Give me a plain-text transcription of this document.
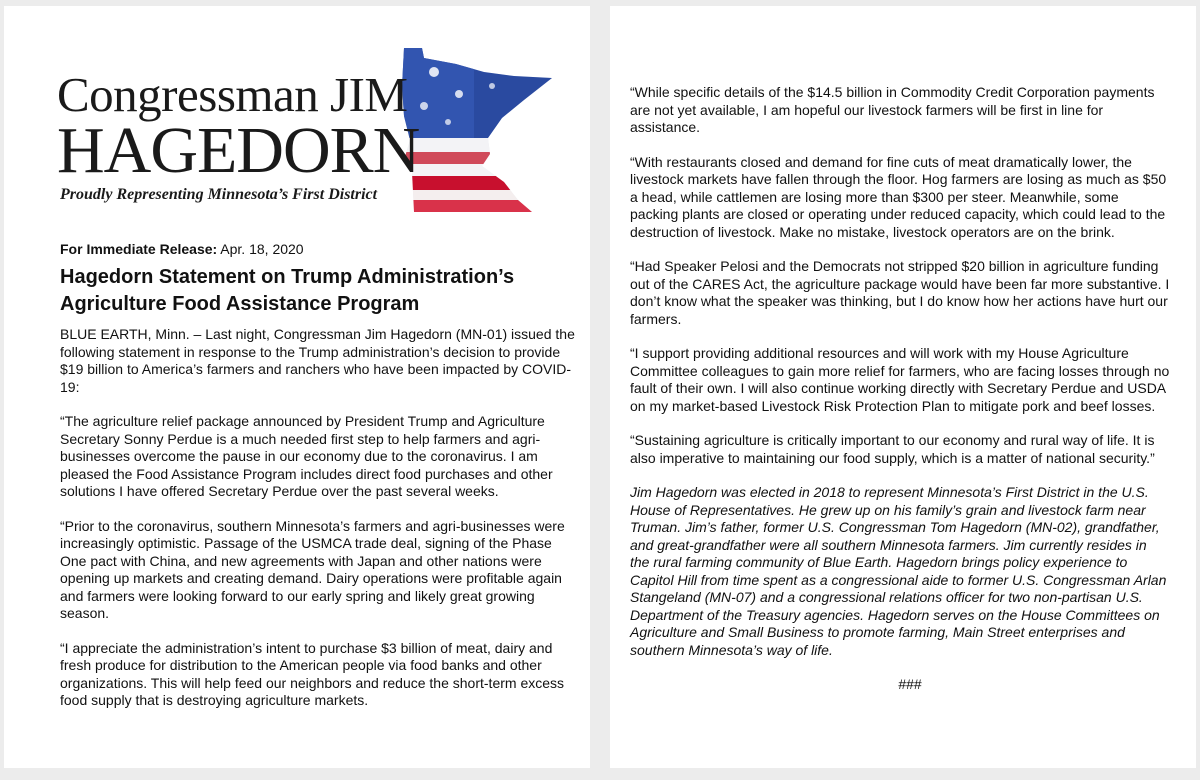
Congressman JIM
HAGEDORN
Proudly Representing Minnesota’s First District
For Immediate Release: Apr. 18, 2020
Hagedorn Statement on Trump Administration’s Agriculture Food Assistance Program

BLUE EARTH, Minn. – Last night, Congressman Jim Hagedorn (MN-01) issued the following statement in response to the Trump administration’s decision to provide $19 billion to America’s farmers and ranchers who have been impacted by COVID-19:

“The agriculture relief package announced by President Trump and Agriculture Secretary Sonny Perdue is a much needed first step to help farmers and agri-businesses overcome the pause in our economy due to the coronavirus. I am pleased the Food Assistance Program includes direct food purchases and other solutions I have offered Secretary Perdue over the past several weeks.

“Prior to the coronavirus, southern Minnesota’s farmers and agri-businesses were increasingly optimistic. Passage of the USMCA trade deal, signing of the Phase One pact with China, and new agreements with Japan and other nations were opening up markets and creating demand. Dairy operations were profitable again and farmers were looking forward to our early spring and likely great growing season.

“I appreciate the administration’s intent to purchase $3 billion of meat, dairy and fresh produce for distribution to the American people via food banks and other organizations. This will help feed our neighbors and reduce the short-term excess food supply that is destroying agriculture markets.

“While specific details of the $14.5 billion in Commodity Credit Corporation payments are not yet available, I am hopeful our livestock farmers will be first in line for assistance.

“With restaurants closed and demand for fine cuts of meat dramatically lower, the livestock markets have fallen through the floor. Hog farmers are losing as much as $50 a head, while cattlemen are losing more than $300 per steer. Meanwhile, some packing plants are closed or operating under reduced capacity, which could lead to the destruction of livestock. Make no mistake, livestock operators are on the brink.

“Had Speaker Pelosi and the Democrats not stripped $20 billion in agriculture funding out of the CARES Act, the agriculture package would have been far more substantive. I don’t know what the speaker was thinking, but I do know how her actions have hurt our farmers.

“I support providing additional resources and will work with my House Agriculture Committee colleagues to gain more relief for farmers, who are facing losses through no fault of their own. I will also continue working directly with Secretary Perdue and USDA on my market-based Livestock Risk Protection Plan to mitigate pork and beef losses.

“Sustaining agriculture is critically important to our economy and rural way of life. It is also imperative to maintaining our food supply, which is a matter of national security.”

Jim Hagedorn was elected in 2018 to represent Minnesota’s First District in the U.S. House of Representatives. He grew up on his family’s grain and livestock farm near Truman. Jim’s father, former U.S. Congressman Tom Hagedorn (MN-02), grandfather, and great-grandfather were all southern Minnesota farmers. Jim currently resides in the rural farming community of Blue Earth. Hagedorn brings policy experience to Capitol Hill from time spent as a congressional aide to former U.S. Congressman Arlan Stangeland (MN-07) and a congressional relations officer for two non-partisan U.S. Department of the Treasury agencies. Hagedorn serves on the House Committees on Agriculture and Small Business to promote farming, Main Street enterprises and southern Minnesota’s way of life.

###
